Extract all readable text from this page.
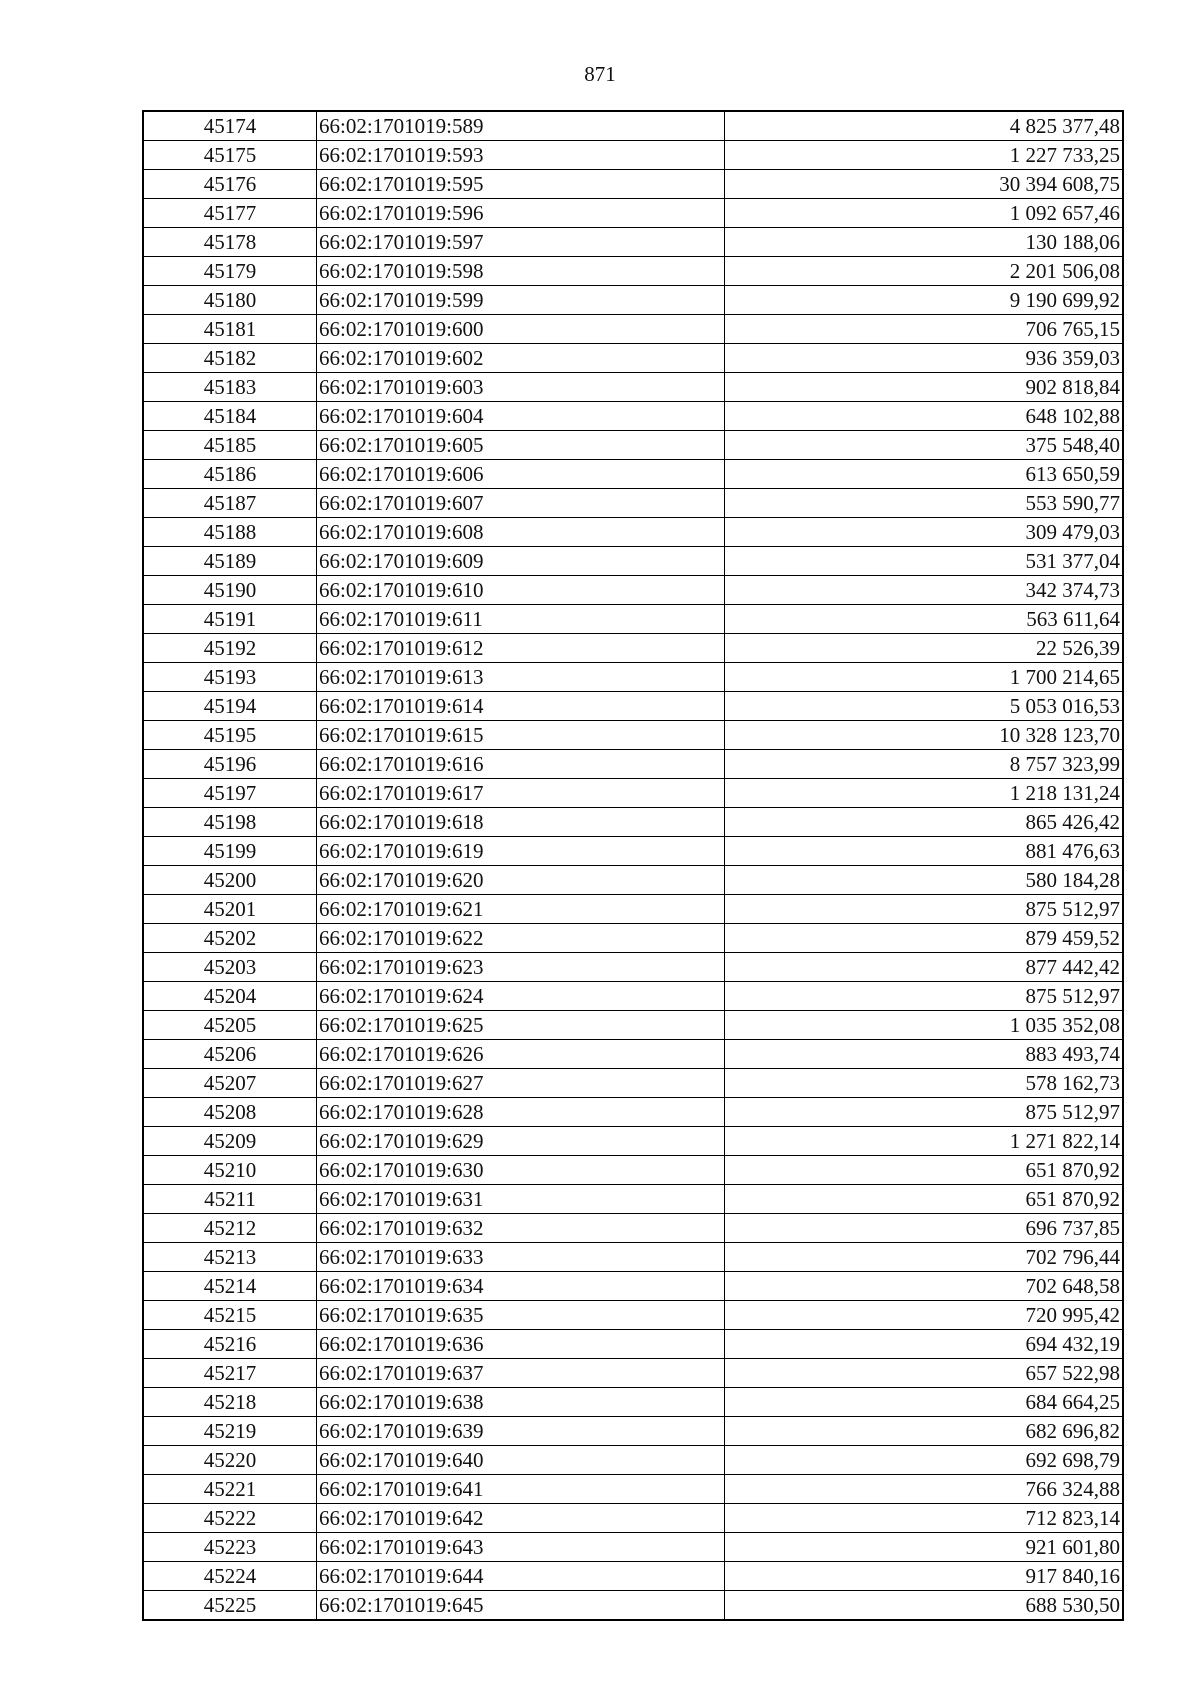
871
45174	66:02:1701019:589	4 825 377,48
45175	66:02:1701019:593	1 227 733,25
45176	66:02:1701019:595	30 394 608,75
45177	66:02:1701019:596	1 092 657,46
45178	66:02:1701019:597	130 188,06
45179	66:02:1701019:598	2 201 506,08
45180	66:02:1701019:599	9 190 699,92
45181	66:02:1701019:600	706 765,15
45182	66:02:1701019:602	936 359,03
45183	66:02:1701019:603	902 818,84
45184	66:02:1701019:604	648 102,88
45185	66:02:1701019:605	375 548,40
45186	66:02:1701019:606	613 650,59
45187	66:02:1701019:607	553 590,77
45188	66:02:1701019:608	309 479,03
45189	66:02:1701019:609	531 377,04
45190	66:02:1701019:610	342 374,73
45191	66:02:1701019:611	563 611,64
45192	66:02:1701019:612	22 526,39
45193	66:02:1701019:613	1 700 214,65
45194	66:02:1701019:614	5 053 016,53
45195	66:02:1701019:615	10 328 123,70
45196	66:02:1701019:616	8 757 323,99
45197	66:02:1701019:617	1 218 131,24
45198	66:02:1701019:618	865 426,42
45199	66:02:1701019:619	881 476,63
45200	66:02:1701019:620	580 184,28
45201	66:02:1701019:621	875 512,97
45202	66:02:1701019:622	879 459,52
45203	66:02:1701019:623	877 442,42
45204	66:02:1701019:624	875 512,97
45205	66:02:1701019:625	1 035 352,08
45206	66:02:1701019:626	883 493,74
45207	66:02:1701019:627	578 162,73
45208	66:02:1701019:628	875 512,97
45209	66:02:1701019:629	1 271 822,14
45210	66:02:1701019:630	651 870,92
45211	66:02:1701019:631	651 870,92
45212	66:02:1701019:632	696 737,85
45213	66:02:1701019:633	702 796,44
45214	66:02:1701019:634	702 648,58
45215	66:02:1701019:635	720 995,42
45216	66:02:1701019:636	694 432,19
45217	66:02:1701019:637	657 522,98
45218	66:02:1701019:638	684 664,25
45219	66:02:1701019:639	682 696,82
45220	66:02:1701019:640	692 698,79
45221	66:02:1701019:641	766 324,88
45222	66:02:1701019:642	712 823,14
45223	66:02:1701019:643	921 601,80
45224	66:02:1701019:644	917 840,16
45225	66:02:1701019:645	688 530,50
